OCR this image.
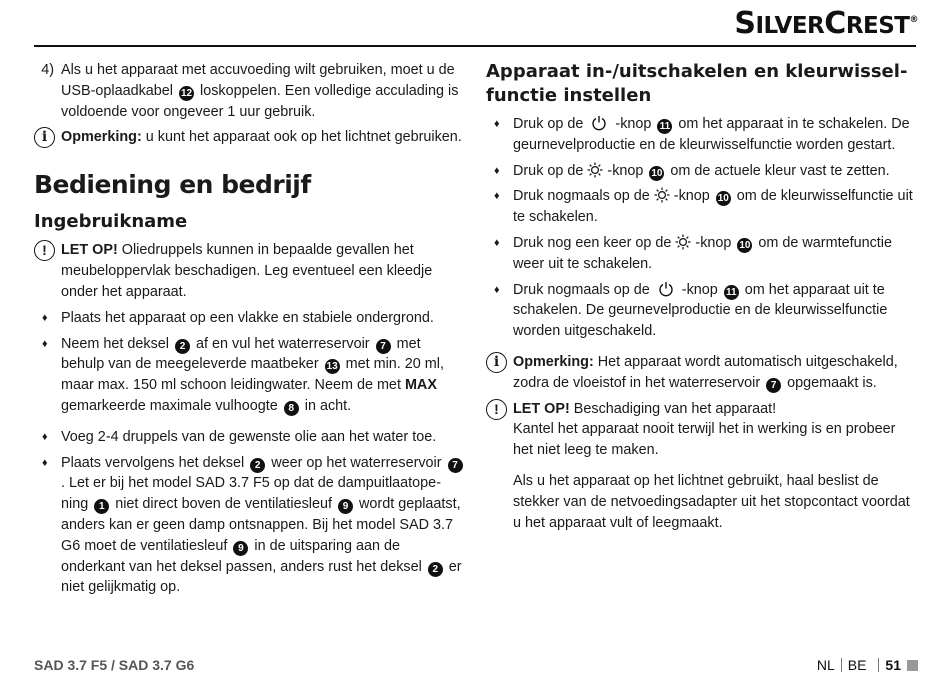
SILVERCREST®
4) Als u het apparaat met accuvoeding wilt gebruiken, moet u de USB-oplaadkabel 12 loskoppelen. Een volledige acculading is voldoende voor ongeveer 1 uur gebruik.
i Opmerking: u kunt het apparaat ook op het lichtnet gebruiken.
Bediening en bedrijf
Ingebruikname
! LET OP! Oliedruppels kunnen in bepaalde gevallen het meubeloppervlak beschadigen. Leg eventueel een kleedje onder het apparaat.
♦ Plaats het apparaat op een vlakke en stabiele ondergrond.
♦ Neem het deksel 2 af en vul het waterreservoir 7 met behulp van de meegeleverde maatbeker 13 met min. 20 ml, maar max. 150 ml schoon leidingwater. Neem de met MAX gemarkeerde maximale vulhoogte 8 in acht.
♦ Voeg 2-4 druppels van de gewenste olie aan het water toe.
♦ Plaats vervolgens het deksel 2 weer op het waterreservoir 7. Let er bij het model SAD 3.7 F5 op dat de dampuitlaatope-ning 1 niet direct boven de ventilatiesleuf 9 wordt geplaatst, anders kan er geen damp ontsnappen. Bij het model SAD 3.7 G6 moet de ventilatiesleuf 9 in de uitsparing aan de onderkant van het deksel passen, anders rust het deksel 2 er niet gelijkmatig op.
Apparaat in-/uitschakelen en kleurwissel-functie instellen
♦ Druk op de -knop 11 om het apparaat in te schakelen. De geurnevelproductie en de kleurwisselfunctie worden gestart.
♦ Druk op de -knop 10 om de actuele kleur vast te zetten.
♦ Druk nogmaals op de -knop 10 om de kleurwisselfunctie uit te schakelen.
♦ Druk nog een keer op de -knop 10 om de warmtefunctie weer uit te schakelen.
♦ Druk nogmaals op de -knop 11 om het apparaat uit te schakelen. De geurnevelproductie en de kleurwisselfunctie worden uitgeschakeld.
i Opmerking: Het apparaat wordt automatisch uitgeschakeld, zodra de vloeistof in het waterreservoir 7 opgemaakt is.
! LET OP! Beschadiging van het apparaat!
Kantel het apparaat nooit terwijl het in werking is en probeer het niet leeg te maken.
Als u het apparaat op het lichtnet gebruikt, haal beslist de stekker van de netvoedingsadapter uit het stopcontact voordat u het apparaat vult of leegmaakt.
SAD 3.7 F5 / SAD 3.7 G6	NL BE 51
